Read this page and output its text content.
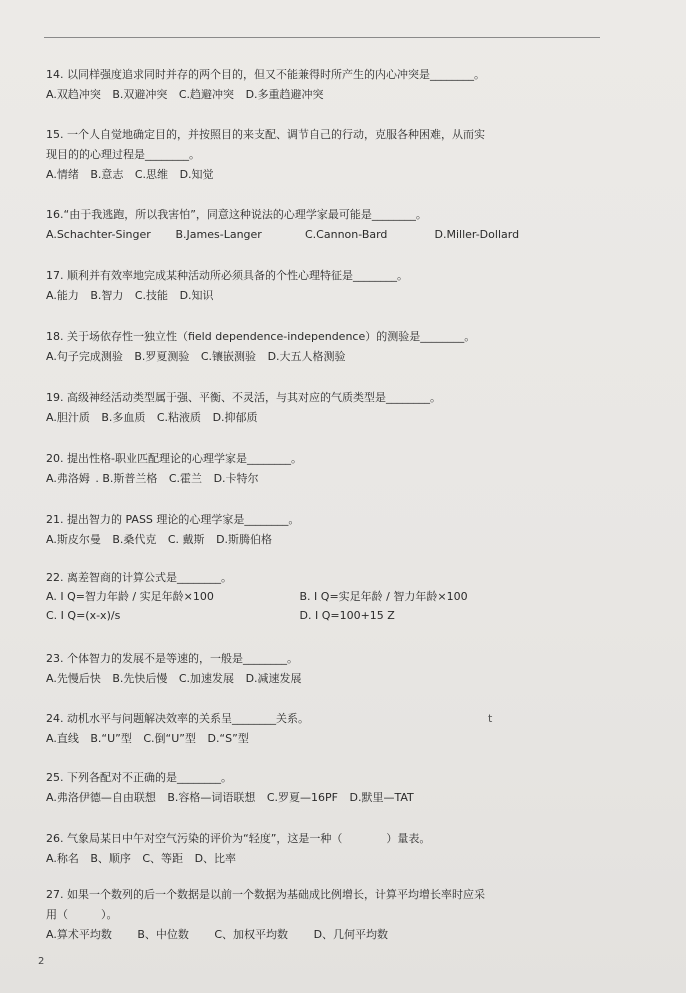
14. 以同样强度追求同时并存的两个目的，但又不能兼得时所产生的内心冲突是________。
A.双趋冲突 B.双避冲突 C.趋避冲突 D.多重趋避冲突
15. 一个人自觉地确定目的，并按照目的来支配、调节自己的行动，克服各种困难，从而实
现目的的心理过程是________。
A.情绪 B.意志 C.思维 D.知觉
16.“由于我逃跑，所以我害怕”，同意这种说法的心理学家最可能是________。
A.Schachter-Singer B.James-Langer	C.Cannon-Bard	D.Miller-Dollard
17. 顺利并有效率地完成某种活动所必须具备的个性心理特征是________。
A.能力 B.智力 C.技能 D.知识
18. 关于场依存性一独立性（field dependence-independence）的测验是________。
A.句子完成测验 B.罗夏测验 C.镶嵌测验 D.大五人格测验
19. 高级神经活动类型属于强、平衡、不灵活，与其对应的气质类型是________。
A.胆汁质 B.多血质 C.粘液质 D.抑郁质
20. 提出性格-职业匹配理论的心理学家是________。
A.弗洛姆 . B.斯普兰格 C.霍兰 D.卡特尔
21. 提出智力的 PASS 理论的心理学家是________。
A.斯皮尔曼 B.桑代克 C. 戴斯 D.斯腾伯格
22. 离差智商的计算公式是________。
A. I Q=智力年龄 / 实足年龄×100	B. I Q=实足年龄 / 智力年龄×100
C. I Q=(x-x)/s	D. I Q=100+15 Z
23. 个体智力的发展不是等速的，一般是________。
A.先慢后快 B.先快后慢 C.加速发展 D.减速发展
24. 动机水平与问题解决效率的关系呈________关系。
A.直线 B.“U”型 C.倒“U”型 D.“S”型
t
25. 下列各配对不正确的是________。
A.弗洛伊德—自由联想 B.容格—词语联想 C.罗夏—16PF D.默里—TAT
26. 气象局某日中午对空气污染的评价为“轻度”，这是一种（　　　　）量表。
A.称名 B、顺序 C、等距 D、比率
27. 如果一个数列的后一个数据是以前一个数据为基础成比例增长，计算平均增长率时应采
用（　　　）。
A.算术平均数 B、中位数 C、加权平均数 D、几何平均数
2
